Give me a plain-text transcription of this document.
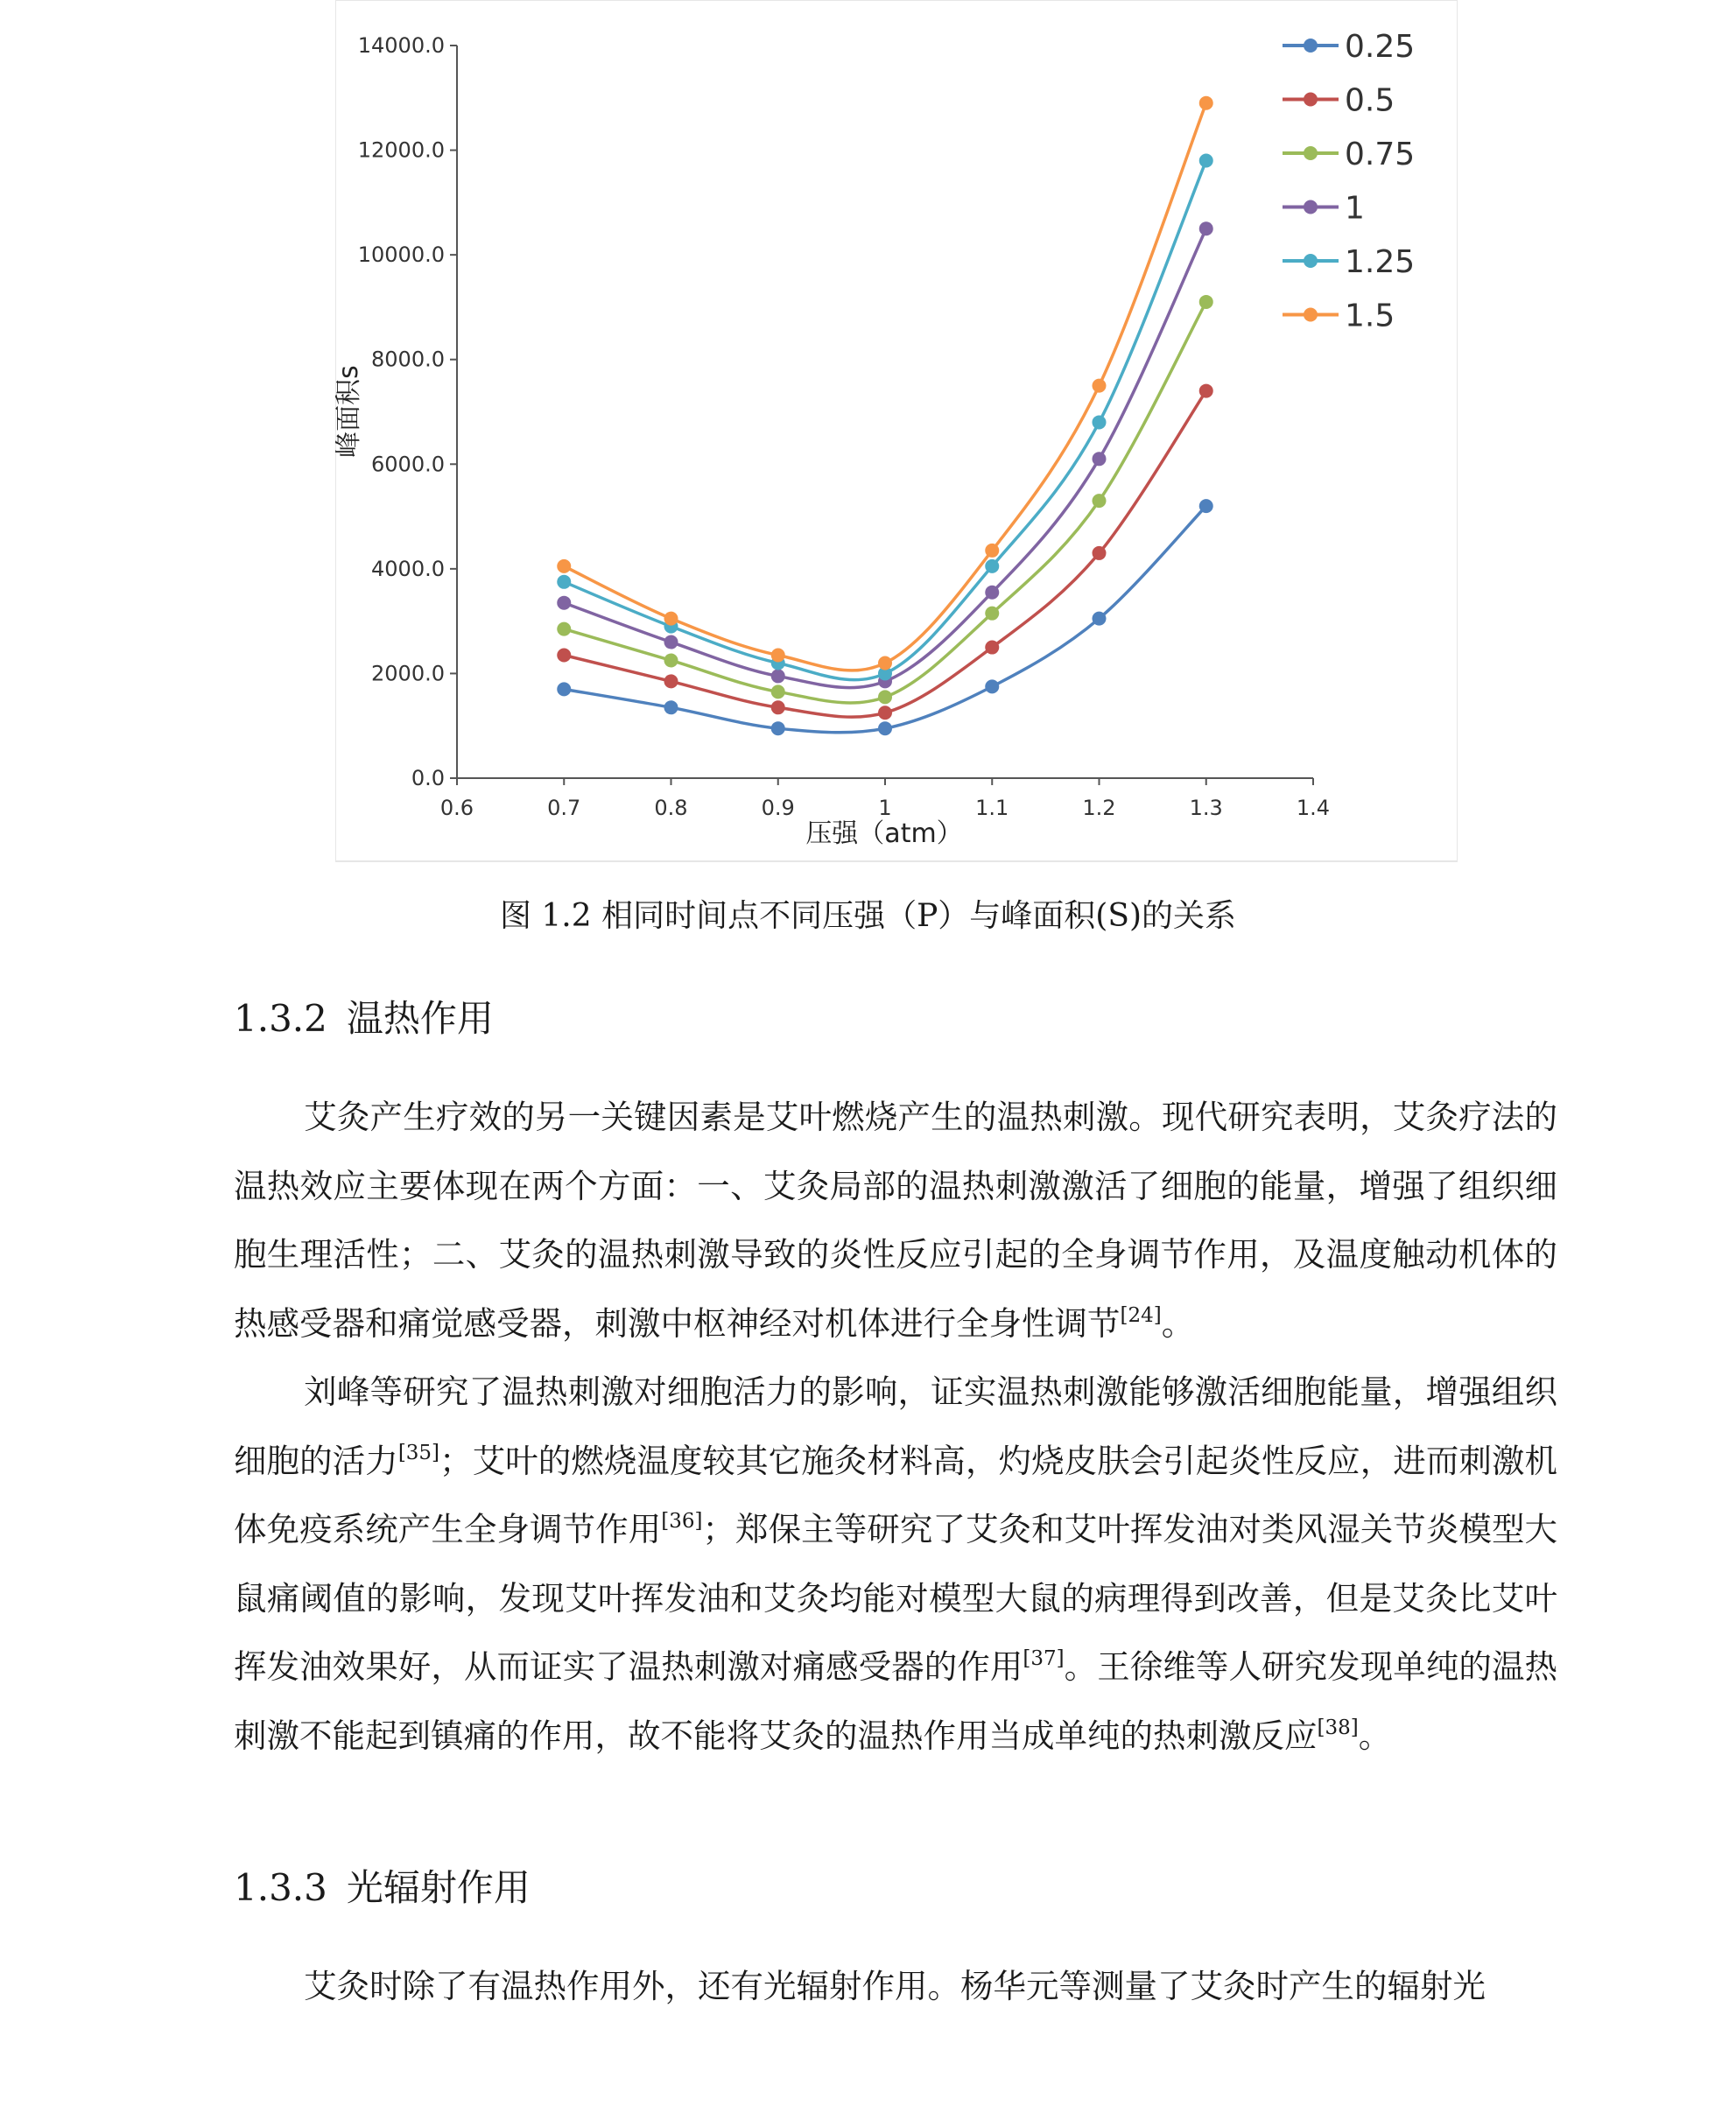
0.6	0.7	0.8	0.9	1	1.1	1.2	1.3	1.4
0.0
2000.0
4000.0
6000.0
8000.0
10000.0
12000.0
14000.0	0.25
0.5
0.75
1
1.25
1.5
压强（atm）
峰面积s
图 1.2 相同时间点不同压强（P）与峰面积(S)的关系
1.3.2 温热作用

艾灸产生疗效的另一关键因素是艾叶燃烧产生的温热刺激。现代研究表明，艾灸疗法的温热效应主要体现在两个方面：一、艾灸局部的温热刺激激活了细胞的能量，增强了组织细胞生理活性；二、艾灸的温热刺激导致的炎性反应引起的全身调节作用，及温度触动机体的热感受器和痛觉感受器，刺激中枢神经对机体进行全身性调节[24]。

刘峰等研究了温热刺激对细胞活力的影响，证实温热刺激能够激活细胞能量，增强组织细胞的活力[35]；艾叶的燃烧温度较其它施灸材料高，灼烧皮肤会引起炎性反应，进而刺激机体免疫系统产生全身调节作用[36]；郑保主等研究了艾灸和艾叶挥发油对类风湿关节炎模型大鼠痛阈值的影响，发现艾叶挥发油和艾灸均能对模型大鼠的病理得到改善，但是艾灸比艾叶挥发油效果好，从而证实了温热刺激对痛感受器的作用[37]。王徐维等人研究发现单纯的温热刺激不能起到镇痛的作用，故不能将艾灸的温热作用当成单纯的热刺激反应[38]。

1.3.3 光辐射作用

艾灸时除了有温热作用外，还有光辐射作用。杨华元等测量了艾灸时产生的辐射光
